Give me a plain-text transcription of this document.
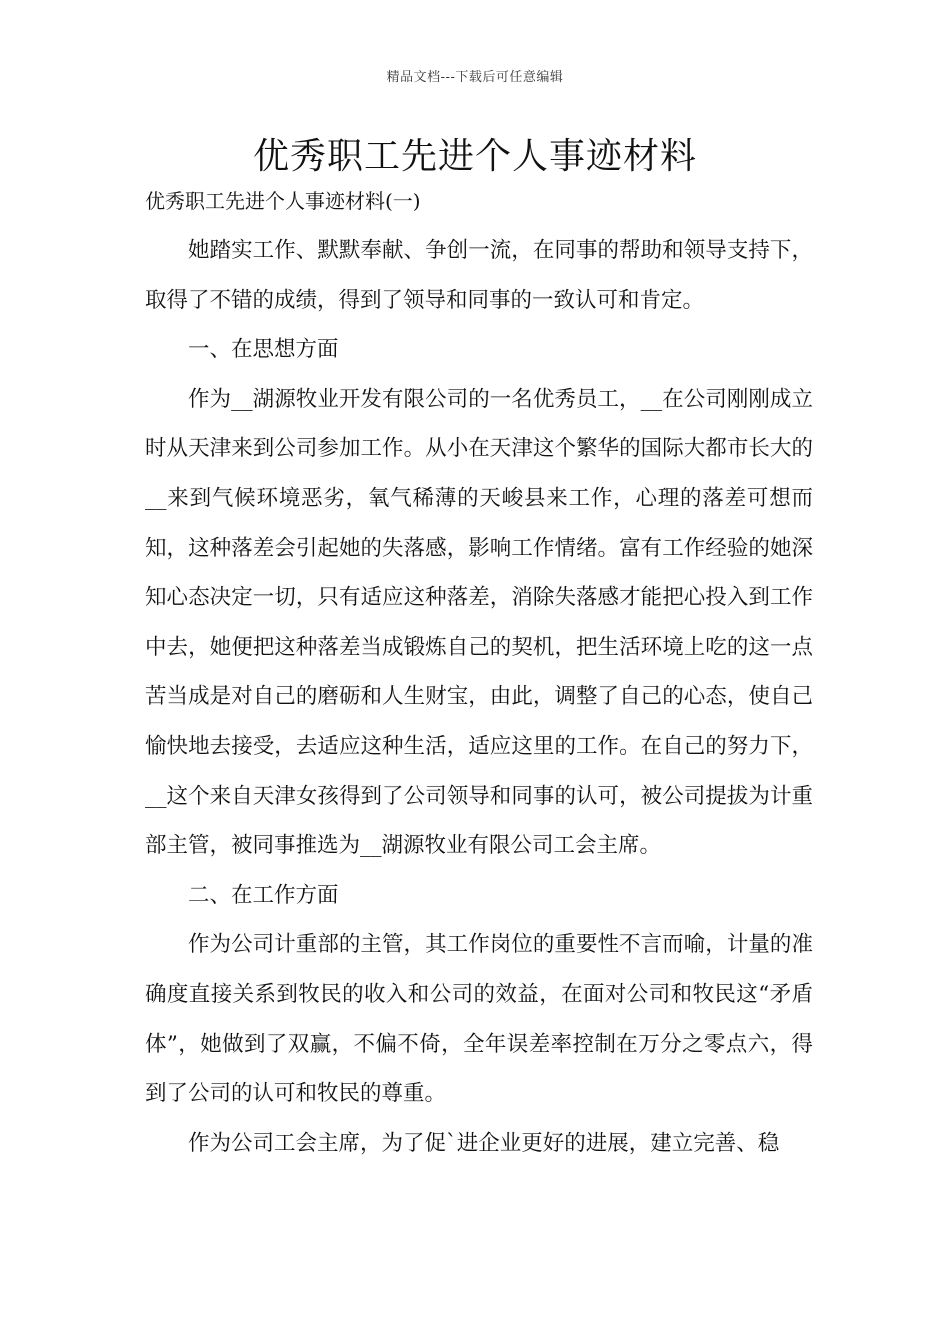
精品文档---下载后可任意编辑
优秀职工先进个人事迹材料
优秀职工先进个人事迹材料(一)

她踏实工作、默默奉献、争创一流，在同事的帮助和领导支持下，取得了不错的成绩，得到了领导和同事的一致认可和肯定。

一、在思想方面

作为__湖源牧业开发有限公司的一名优秀员工，__在公司刚刚成立时从天津来到公司参加工作。从小在天津这个繁华的国际大都市长大的__来到气候环境恶劣，氧气稀薄的天峻县来工作，心理的落差可想而知，这种落差会引起她的失落感，影响工作情绪。富有工作经验的她深知心态决定一切，只有适应这种落差，消除失落感才能把心投入到工作中去，她便把这种落差当成锻炼自己的契机，把生活环境上吃的这一点苦当成是对自己的磨砺和人生财宝，由此，调整了自己的心态，使自己愉快地去接受，去适应这种生活，适应这里的工作。在自己的努力下，__这个来自天津女孩得到了公司领导和同事的认可，被公司提拔为计重部主管，被同事推选为__湖源牧业有限公司工会主席。

二、在工作方面

作为公司计重部的主管，其工作岗位的重要性不言而喻，计量的准确度直接关系到牧民的收入和公司的效益，在面对公司和牧民这“矛盾体”，她做到了双赢，不偏不倚，全年误差率控制在万分之零点六，得到了公司的认可和牧民的尊重。

作为公司工会主席，为了促`进企业更好的进展，建立完善、稳
